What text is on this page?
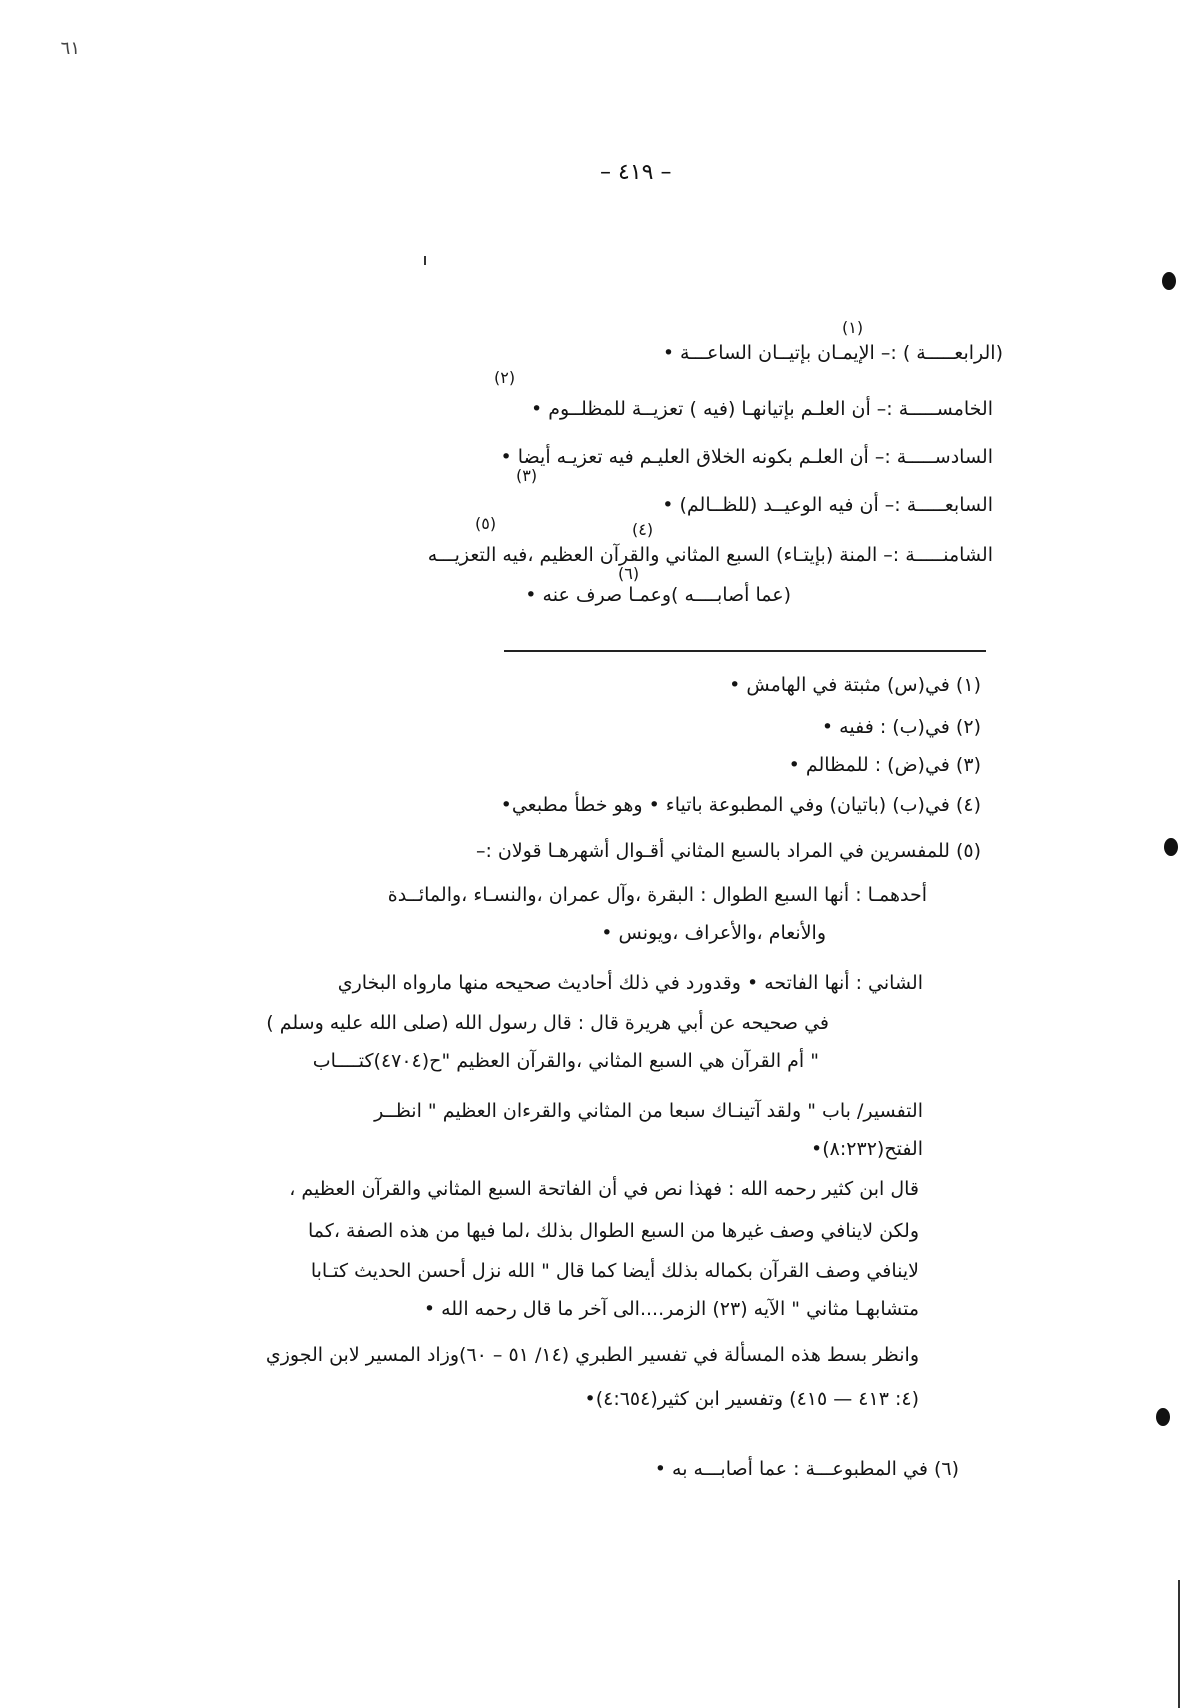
٦١
– ٤١٩ –
(الرابعـــــة ) :– الإيمـان بإتيــان الساعـــة •
الخامســـــة :– أن العلـم بإتيانهـا (فيه ) تعزيــة للمظلــوم •
السادســـــة :– أن العلـم بكونه الخلاق العليـم فيه تعزيـه أيضا •
السابعـــــة :– أن فيه الوعيــد (للظــالم) •
الشامنـــــة :– المنة (بإيتـاء) السبع المثاني والقرآن العظيم ،فيه التعزيـــه
(عما أصابــــه )وعمـا صرف عنه •
(١)
(٢)
(٣)
(٤)
(٥)
(٦)
(١) في(س) مثبتة في الهامش •
(٢) في(ب) : ففيه •
(٣) في(ض) : للمظالم •
(٤) في(ب) (باتيان) وفي المطبوعة باتياء • وهو خطأ مطبعي•
(٥) للمفسرين في المراد بالسبع المثاني أقـوال أشهرهـا قولان :–
أحدهمـا : أنها السبع الطوال : البقرة ،وآل عمران ،والنسـاء ،والمائــدة
والأنعام ،والأعراف ،ويونس •
الشاني : أنها الفاتحه • وقدورد في ذلك أحاديث صحيحه منها مارواه البخاري
في صحيحه عن أبي هريرة قال : قال رسول الله (صلى الله عليه وسلم )
" أم القرآن هي السبع المثاني ،والقرآن العظيم "ح(٤٧٠٤)كتــــاب
التفسير/ باب " ولقد آتينـاك سبعا من المثاني والقرءان العظيم " انظــر
الفتح(٨:٢٣٢)•
قال ابن كثير رحمه الله : فهذا نص في أن الفاتحة السبع المثاني والقرآن العظيم ،
ولكن لاينافي وصف غيرها من السبع الطوال بذلك ،لما فيها من هذه الصفة ،كما
لاينافي وصف القرآن بكماله بذلك أيضا كما قال " الله نزل أحسن الحديث كتـابا
متشابهـا مثاني " الآيه (٢٣) الزمر....الى آخر ما قال رحمه الله •
وانظر بسط هذه المسألة في تفسير الطبري (١٤/ ٥١ – ٦٠)وزاد المسير لابن الجوزي
(٤: ٤١٣ — ٤١٥) وتفسير ابن كثير(٤:٦٥٤)•
(٦) في المطبوعـــة : عما أصابـــه به •
